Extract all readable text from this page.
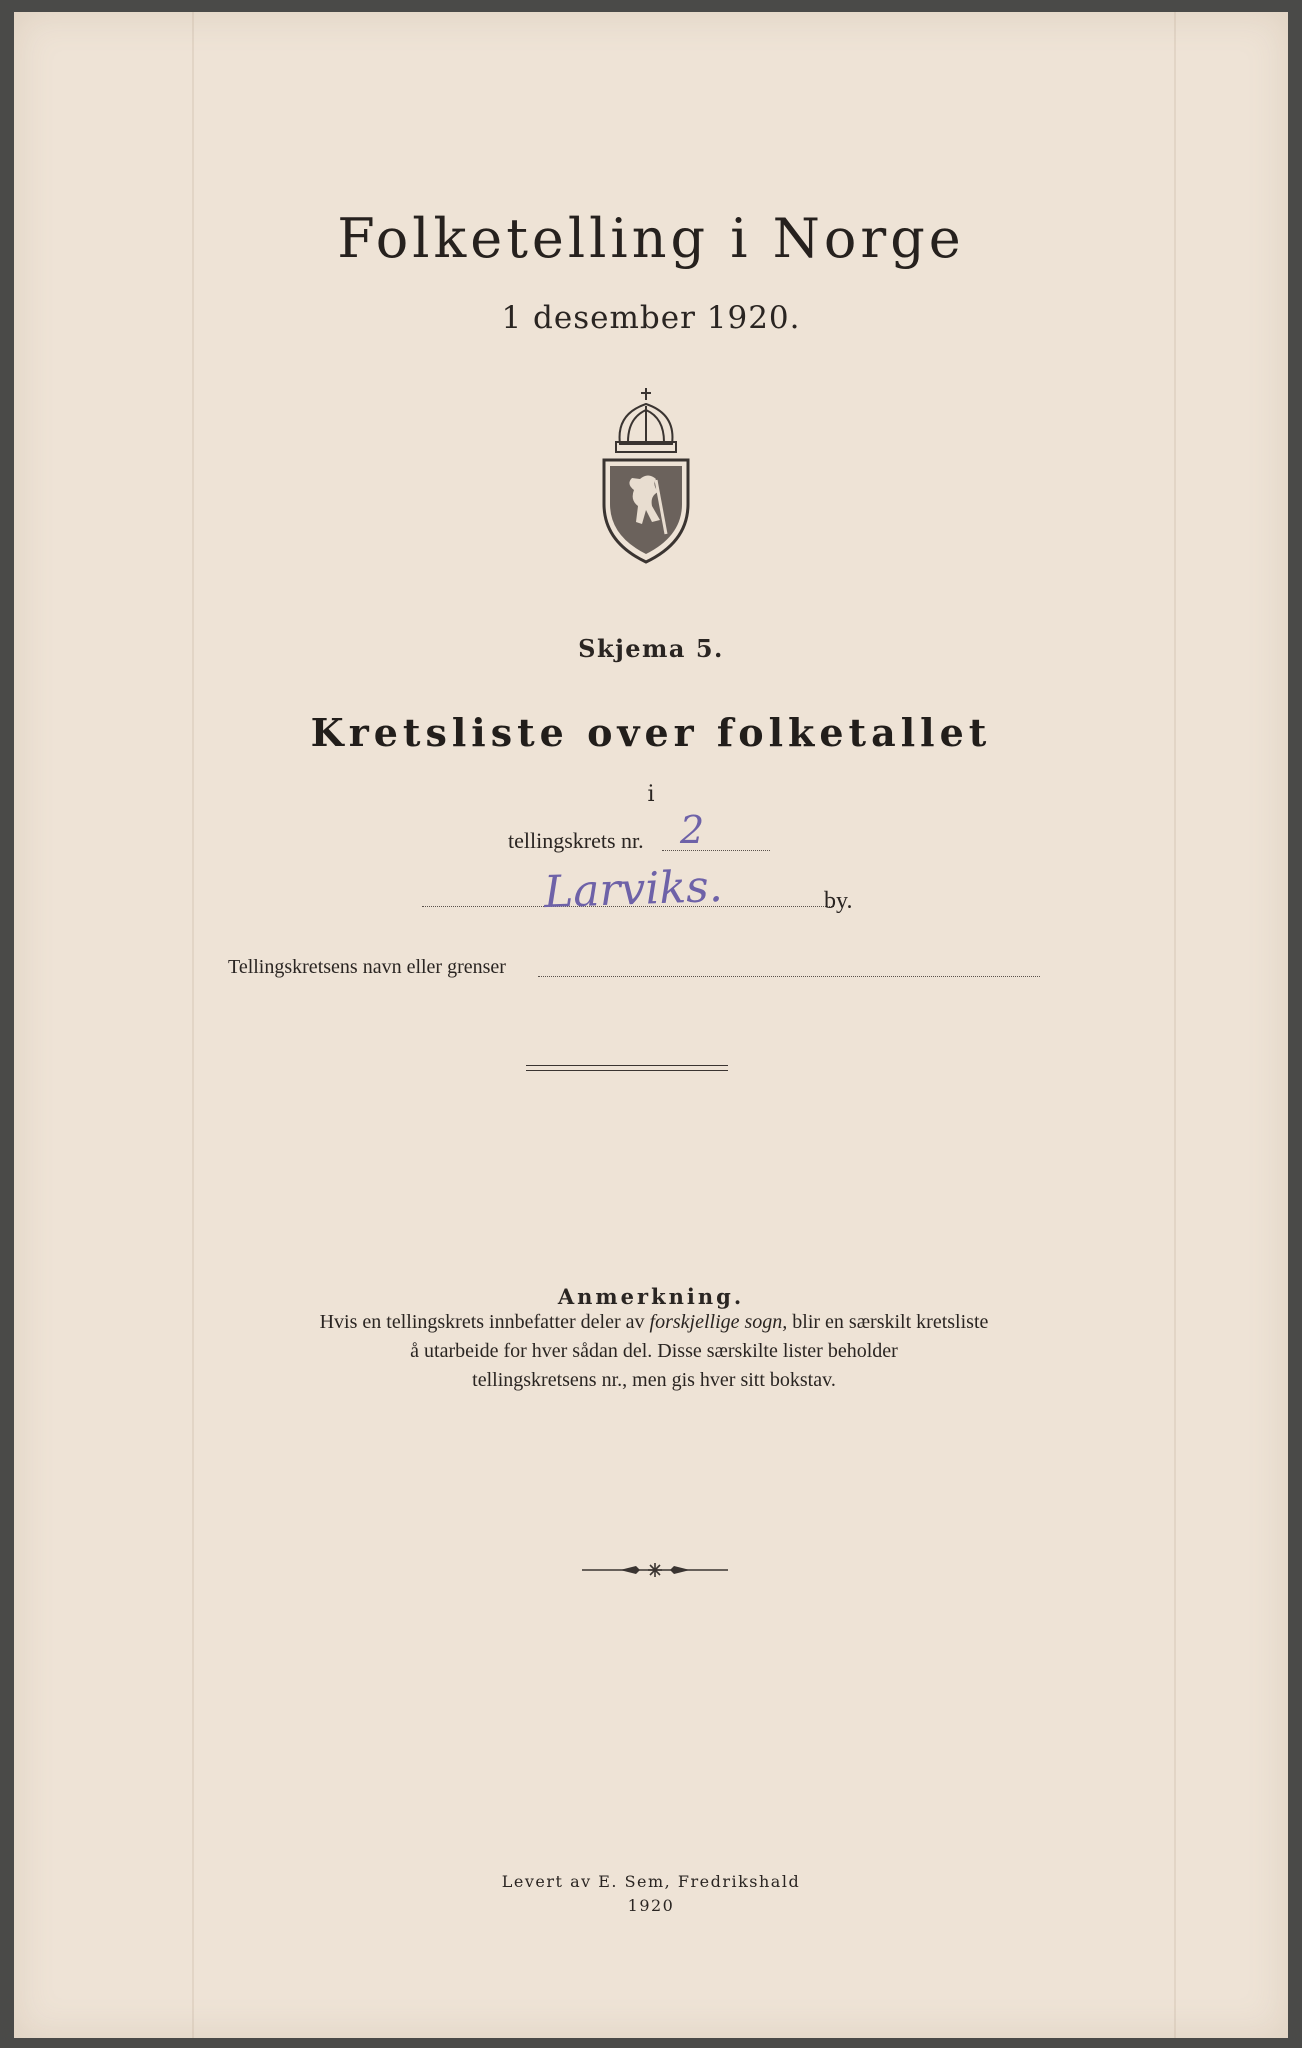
Folketelling i Norge
1 desember 1920.
Skjema 5.
Kretsliste over folketallet
i
tellingskrets nr. 2
Larviks.	by.
Tellingskretsens navn eller grenser
Anmerkning.
Hvis en tellingskrets innbefatter deler av forskjellige sogn, blir en særskilt kretsliste
å utarbeide for hver sådan del. Disse særskilte lister beholder
tellingskretsens nr., men gis hver sitt bokstav.
Levert av E. Sem, Fredrikshald
1920
